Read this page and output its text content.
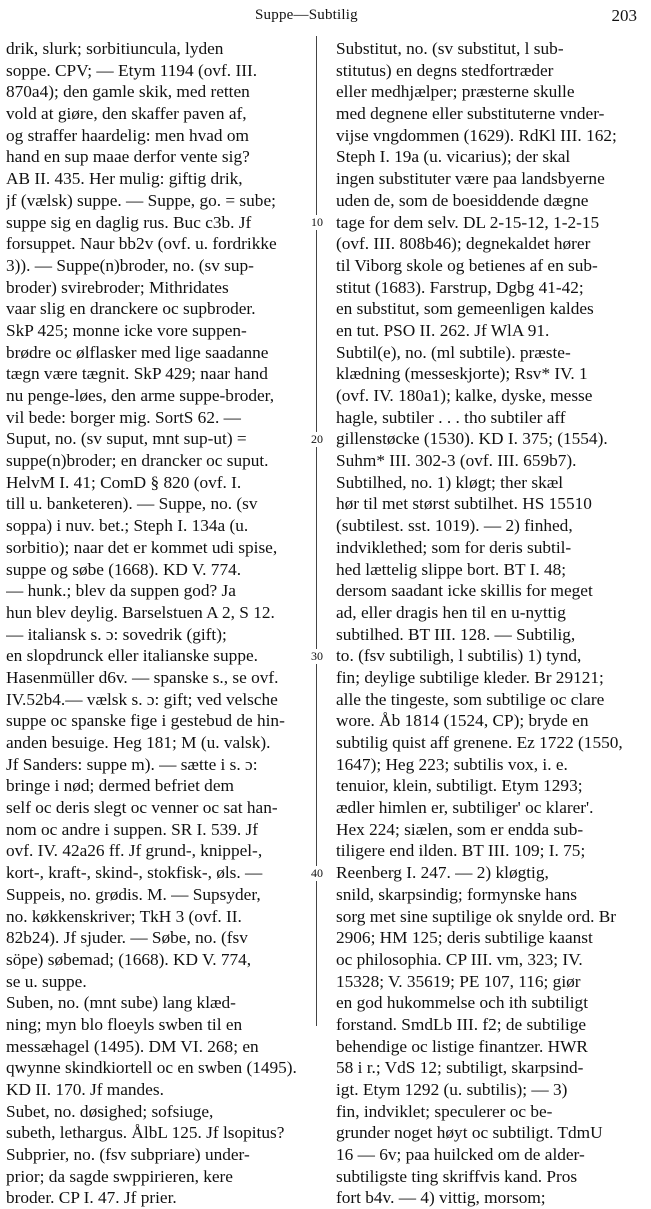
Suppe—Subtilig	203
10
20
30
40
drik, slurk; sorbitiuncula, lyden
soppe. CPV; — Etym 1194 (ovf. III.
870a4); den gamle skik, med retten
vold at giøre, den skaffer paven af,
og straffer haardelig: men hvad om
hand en sup maae derfor vente sig?
AB II. 435. Her mulig: giftig drik,
jf (vælsk) suppe. — Suppe, go. = sube;
suppe sig en daglig rus. Buc c3b. Jf
forsuppet. Naur bb2v (ovf. u. fordrikke
3)). — Suppe(n)broder, no. (sv sup-
broder) svirebroder; Mithridates
vaar slig en dranckere oc supbroder.
SkP 425; monne icke vore suppen-
brødre oc ølflasker med lige saadanne
tægn være tægnit. SkP 429; naar hand
nu penge-løes, den arme suppe-broder,
vil bede: borger mig. SortS 62. —
Suput, no. (sv suput, mnt sup-ut) =
suppe(n)broder; en drancker oc suput.
HelvM I. 41; ComD § 820 (ovf. I.
till u. banketeren). — Suppe, no. (sv
soppa) i nuv. bet.; Steph I. 134a (u.
sorbitio); naar det er kommet udi spise,
suppe og søbe (1668). KD V. 774.
— hunk.; blev da suppen god? Ja
hun blev deylig. Barselstuen A 2, S 12.
— italiansk s. ɔ: sovedrik (gift);
en slopdrunck eller italianske suppe.
Hasenmüller d6v. — spanske s., se ovf.
IV.52b4.— vælsk s. ɔ: gift; ved velsche
suppe oc spanske fige i gestebud de hin-
anden besuige. Heg 181; M (u. valsk).
Jf Sanders: suppe m). — sætte i s. ɔ:
bringe i nød; dermed befriet dem
self oc deris slegt oc venner oc sat han-
nom oc andre i suppen. SR I. 539. Jf
ovf. IV. 42a26 ff. Jf grund-, knippel-,
kort-, kraft-, skind-, stokfisk-, øls. —
Suppeis, no. grødis. M. — Supsyder,
no. køkkenskriver; TkH 3 (ovf. II.
82b24). Jf sjuder. — Søbe, no. (fsv
söpe) søbemad; (1668). KD V. 774,
se u. suppe.
Suben, no. (mnt sube) lang klæd-
ning; myn blo floeyls swben til en
messæhagel (1495). DM VI. 268; en
qwynne skindkiortell oc en swben (1495).
KD II. 170. Jf mandes.
Subet, no. døsighed; sofsiuge,
subeth, lethargus. ÅlbL 125. Jf lsopitus?
Subprier, no. (fsv subpriare) under-
prior; da sagde swppirieren, kere
broder. CP I. 47. Jf prier.
Substitut, no. (sv substitut, l sub-
stitutus) en degns stedfortræder
eller medhjælper; præsterne skulle
med degnene eller substituterne vnder-
vijse vngdommen (1629). RdKl III. 162;
Steph I. 19a (u. vicarius); der skal
ingen substituter være paa landsbyerne
uden de, som de boesiddende dægne
tage for dem selv. DL 2-15-12, 1-2-15
(ovf. III. 808b46); degnekaldet hører
til Viborg skole og betienes af en sub-
stitut (1683). Farstrup, Dgbg 41-42;
en substitut, som gemeenligen kaldes
en tut. PSO II. 262. Jf WlA 91.
Subtil(e), no. (ml subtile). præste-
klædning (messeskjorte); Rsv* IV. 1
(ovf. IV. 180a1); kalke, dyske, messe
hagle, subtiler . . . tho subtiler aff
gillenstøcke (1530). KD I. 375; (1554).
Suhm* III. 302-3 (ovf. III. 659b7).
Subtilhed, no. 1) kløgt; ther skæl
hør til met størst subtilhet. HS 15510
(subtilest. sst. 1019). — 2) finhed,
indviklethed; som for deris subtil-
hed lættelig slippe bort. BT I. 48;
dersom saadant icke skillis for meget
ad, eller dragis hen til en u-nyttig
subtilhed. BT III. 128. — Subtilig,
to. (fsv subtiligh, l subtilis) 1) tynd,
fin; deylige subtilige kleder. Br 29121;
alle the tingeste, som subtilige oc clare
wore. Åb 1814 (1524, CP); bryde en
subtilig quist aff grenene. Ez 1722 (1550,
1647); Heg 223; subtilis vox, i. e.
tenuior, klein, subtiligt. Etym 1293;
ædler himlen er, subtiliger' oc klarer'.
Hex 224; siælen, som er endda sub-
tiligere end ilden. BT III. 109; I. 75;
Reenberg I. 247. — 2) kløgtig,
snild, skarpsindig; formynske hans
sorg met sine suptilige ok snylde ord. Br
2906; HM 125; deris subtilige kaanst
oc philosophia. CP III. vm, 323; IV.
15328; V. 35619; PE 107, 116; giør
en god hukommelse och ith subtiligt
forstand. SmdLb III. f2; de subtilige
behendige oc listige finantzer. HWR
58 i r.; VdS 12; subtiligt, skarpsind-
igt. Etym 1292 (u. subtilis); — 3)
fin, indviklet; speculerer oc be-
grunder noget høyt oc subtiligt. TdmU
16 — 6v; paa huilcked om de alder-
subtiligste ting skriffvis kand. Pros
fort b4v. — 4) vittig, morsom;
